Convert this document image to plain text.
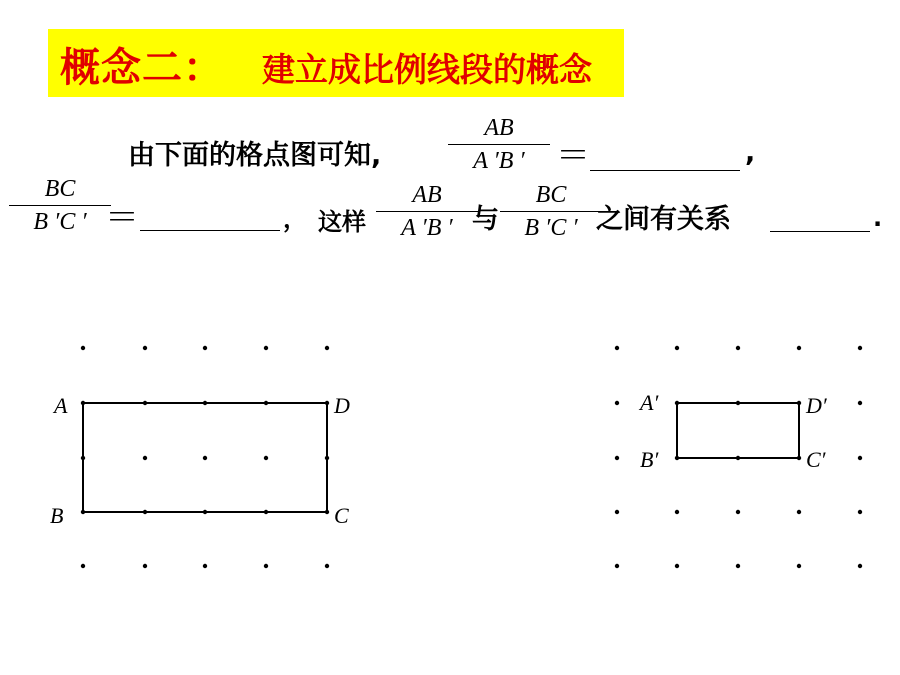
概念二： 建立成比例线段的概念
由下面的格点图可知,
AB
A ′B ′ ＝	,
BC
B ′C ′ ＝	， 这样
AB
A ′B ′ 与
BC
B ′C ′ 之间有关系	.
A
B	C
D	A′
B′	C′
D′
